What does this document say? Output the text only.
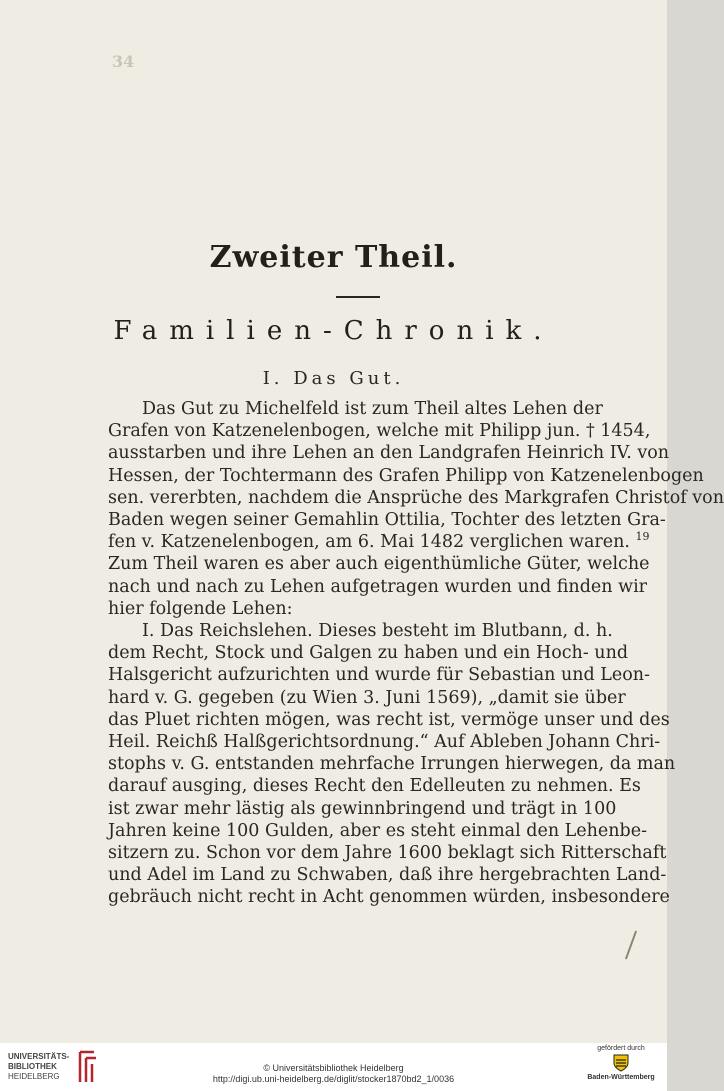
34

Zweiter Theil.
Familien-Chronik.
I. Das Gut.
Das Gut zu Michelfeld ist zum Theil altes Lehen der
Grafen von Katzenelenbogen, welche mit Philipp jun. † 1454,
ausstarben und ihre Lehen an den Landgrafen Heinrich IV. von
Hessen, der Tochtermann des Grafen Philipp von Katzenelenbogen
sen. vererbten, nachdem die Ansprüche des Markgrafen Christof von
Baden wegen seiner Gemahlin Ottilia, Tochter des letzten Gra-
fen v. Katzenelenbogen, am 6. Mai 1482 verglichen waren. $^{19}$
Zum Theil waren es aber auch eigenthümliche Güter, welche
nach und nach zu Lehen aufgetragen wurden und finden wir
hier folgende Lehen:
I. Das Reichslehen. Dieses besteht im Blutbann, d. h.
dem Recht, Stock und Galgen zu haben und ein Hoch- und
Halsgericht aufzurichten und wurde für Sebastian und Leon-
hard v. G. gegeben (zu Wien 3. Juni 1569), „damit sie über
das Pluet richten mögen, was recht ist, vermöge unser und des
Heil. Reichß Halßgerichtsordnung.“ Auf Ableben Johann Chri-
stophs v. G. entstanden mehrfache Irrungen hierwegen, da man
darauf ausging, dieses Recht den Edelleuten zu nehmen. Es
ist zwar mehr lästig als gewinnbringend und trägt in 100
Jahren keine 100 Gulden, aber es steht einmal den Lehenbe-
sitzern zu. Schon vor dem Jahre 1600 beklagt sich Ritterschaft
und Adel im Land zu Schwaben, daß ihre hergebrachten Land-
gebräuch nicht recht in Acht genommen würden, insbesondere
UNIVERSITÄTS-
BIBLIOTHEK
HEIDELBERG
© Universitätsbibliothek Heidelberg
http://digi.ub.uni-heidelberg.de/diglit/stocker1870bd2_1/0036
gefördert durch
Baden-Württemberg
